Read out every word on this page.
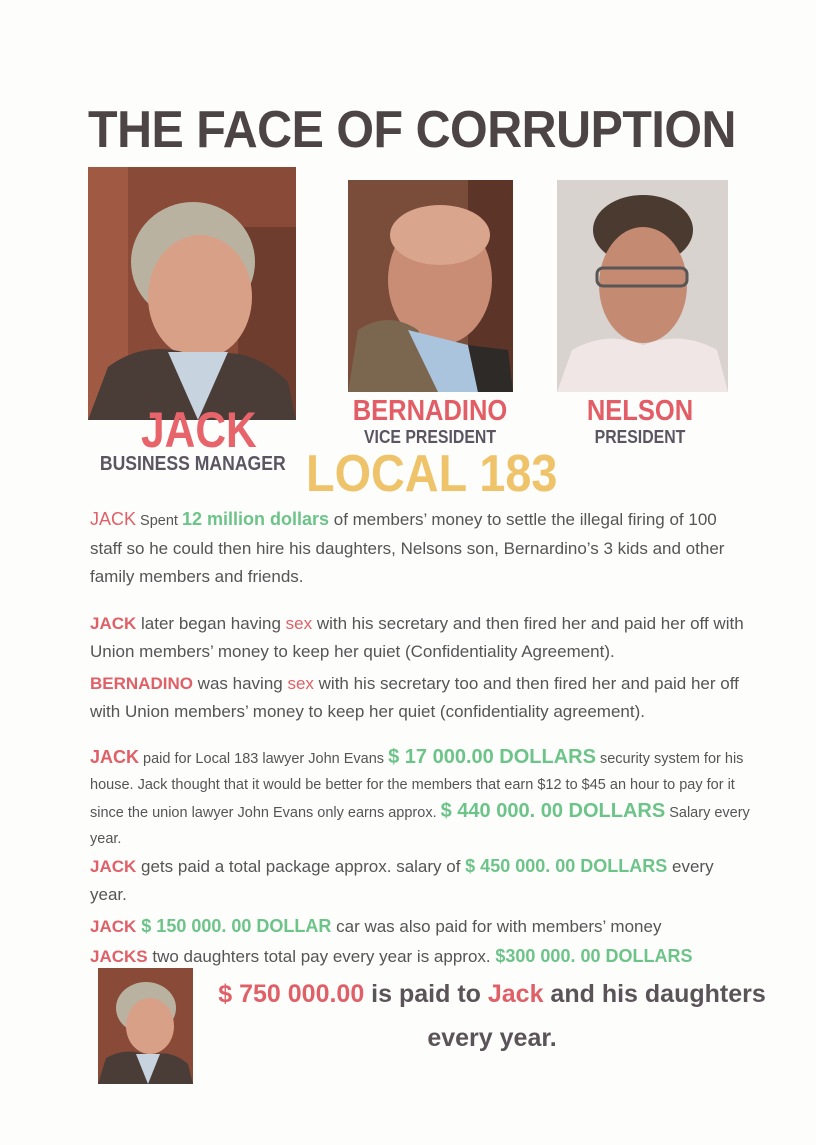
THE FACE OF CORRUPTION
JACK
BUSINESS MANAGER
BERNADINO
VICE PRESIDENT
NELSON
PRESIDENT
LOCAL 183
JACK Spent 12 million dollars of members’ money to settle the illegal firing of 100 staff so he could then hire his daughters, Nelsons son, Bernardino’s 3 kids and other family members and friends.
JACK later began having sex with his secretary and then fired her and paid her off with Union members’ money to keep her quiet (Confidentiality Agreement).
BERNADINO was having sex with his secretary too and then fired her and paid her off with Union members’ money to keep her quiet (confidentiality agreement).
JACK paid for Local 183 lawyer John Evans $ 17 000.00 DOLLARS security system for his house. Jack thought that it would be better for the members that earn $12 to $45 an hour to pay for it since the union lawyer John Evans only earns approx. $ 440 000. 00 DOLLARS Salary every year.
JACK gets paid a total package approx. salary of $ 450 000. 00 DOLLARS every year.
JACK $ 150 000. 00 DOLLAR car was also paid for with members’ money
JACKS two daughters total pay every year is approx. $300 000. 00 DOLLARS
$ 750 000.00 is paid to Jack and his daughters every year.
